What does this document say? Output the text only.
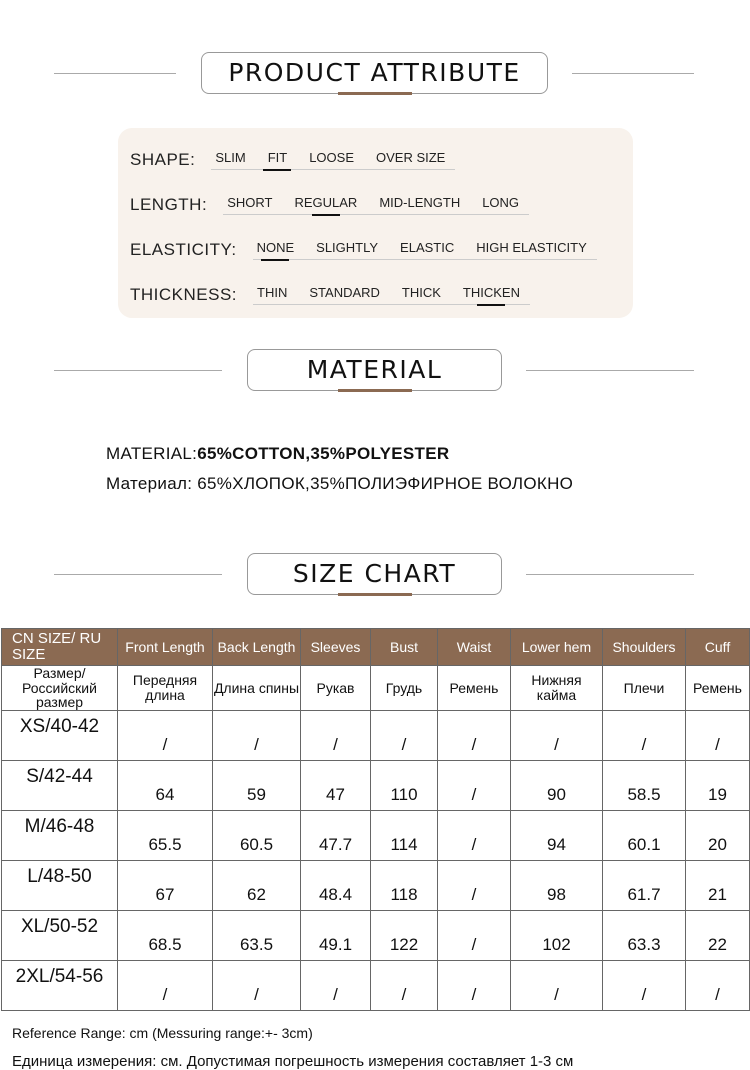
PRODUCT ATTRIBUTE
SHAPE: SLIM FIT LOOSE OVER SIZE
LENGTH: SHORT REGULAR MID-LENGTH LONG
ELASTICITY: NONE SLIGHTLY ELASTIC HIGH ELASTICITY
THICKNESS: THIN STANDARD THICK THICKEN
MATERIAL
MATERIAL:65%COTTON,35%POLYESTER
Материал: 65%ХЛОПОК,35%ПОЛИЭФИРНОЕ ВОЛОКНО
SIZE CHART
CN SIZE/ RU SIZE	Front Length	Back Length	Sleeves	Bust	Waist	Lower hem	Shoulders	Cuff
Размер/ Российский размер	Передняя длина	Длина спины	Рукав	Грудь	Ремень	Нижняя кайма	Плечи	Ремень
XS/40-42	/	/	/	/	/	/	/	/
S/42-44	64	59	47	110	/	90	58.5	19
M/46-48	65.5	60.5	47.7	114	/	94	60.1	20
L/48-50	67	62	48.4	118	/	98	61.7	21
XL/50-52	68.5	63.5	49.1	122	/	102	63.3	22
2XL/54-56	/	/	/	/	/	/	/	/
Reference Range: cm (Messuring range:+- 3cm)
Единица измерения: см. Допустимая погрешность измерения составляет 1-3 см
